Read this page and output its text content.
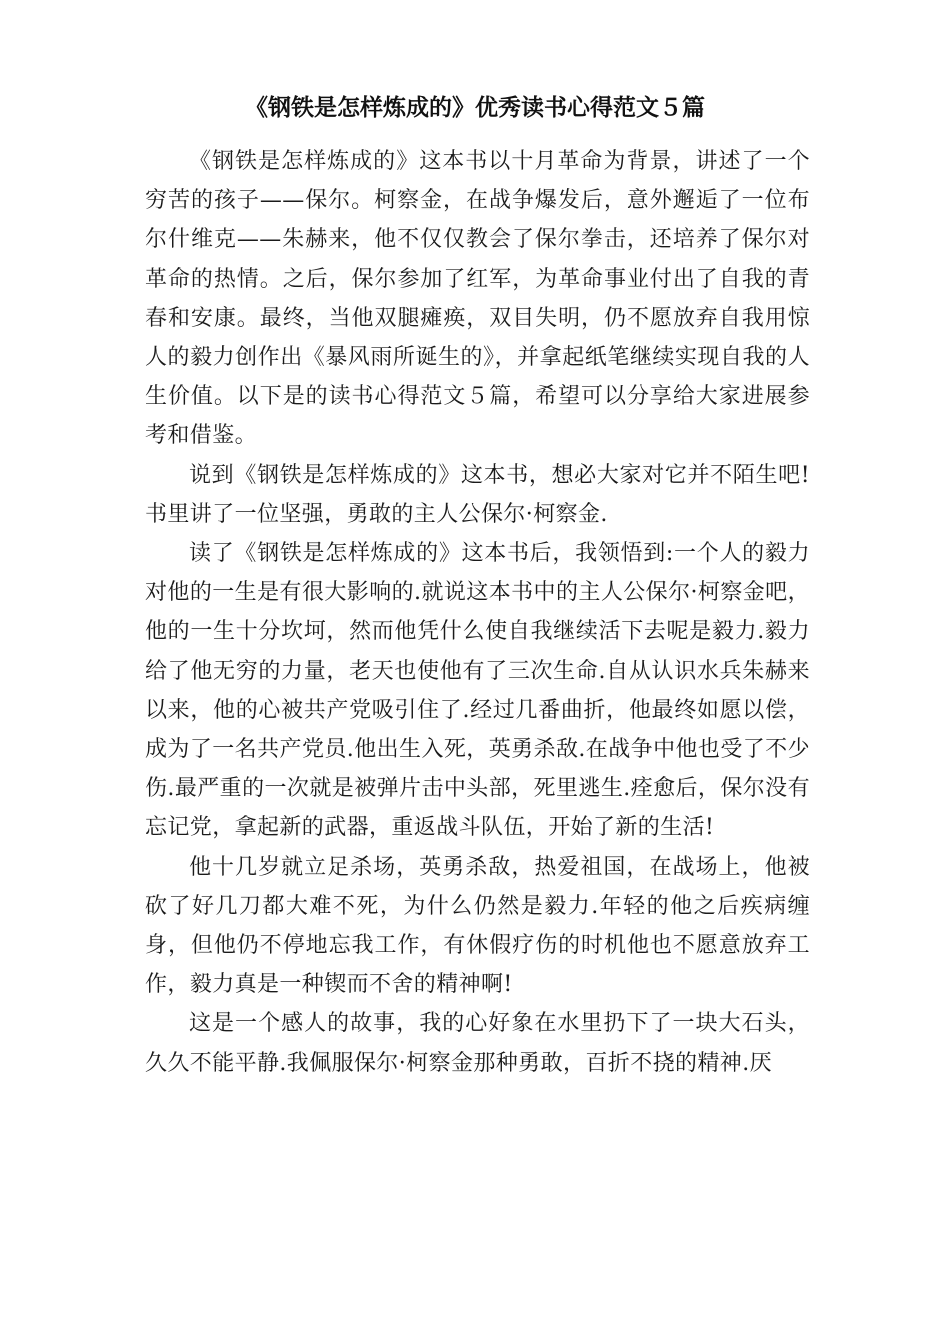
《钢铁是怎样炼成的》优秀读书心得范文５篇

《钢铁是怎样炼成的》这本书以十月革命为背景，讲述了一个穷苦的孩子——保尔。柯察金，在战争爆发后，意外邂逅了一位布尔什维克——朱赫来，他不仅仅教会了保尔拳击，还培养了保尔对革命的热情。之后，保尔参加了红军，为革命事业付出了自我的青春和安康。最终，当他双腿瘫痪，双目失明，仍不愿放弃自我用惊人的毅力创作出《暴风雨所诞生的》，并拿起纸笔继续实现自我的人生价值。以下是的读书心得范文５篇，希望可以分享给大家进展参考和借鉴。

说到《钢铁是怎样炼成的》这本书，想必大家对它并不陌生吧!书里讲了一位坚强，勇敢的主人公保尔·柯察金.

读了《钢铁是怎样炼成的》这本书后，我领悟到:一个人的毅力对他的一生是有很大影响的.就说这本书中的主人公保尔·柯察金吧，他的一生十分坎坷，然而他凭什么使自我继续活下去呢是毅力.毅力给了他无穷的力量，老天也使他有了三次生命.自从认识水兵朱赫来以来，他的心被共产党吸引住了.经过几番曲折，他最终如愿以偿，成为了一名共产党员.他出生入死，英勇杀敌.在战争中他也受了不少伤.最严重的一次就是被弹片击中头部，死里逃生.痊愈后，保尔没有忘记党，拿起新的武器，重返战斗队伍，开始了新的生活!

他十几岁就立足杀场，英勇杀敌，热爱祖国，在战场上，他被砍了好几刀都大难不死，为什么仍然是毅力.年轻的他之后疾病缠身，但他仍不停地忘我工作，有休假疗伤的时机他也不愿意放弃工作，毅力真是一种锲而不舍的精神啊!

这是一个感人的故事，我的心好象在水里扔下了一块大石头，久久不能平静.我佩服保尔·柯察金那种勇敢，百折不挠的精神.厌
